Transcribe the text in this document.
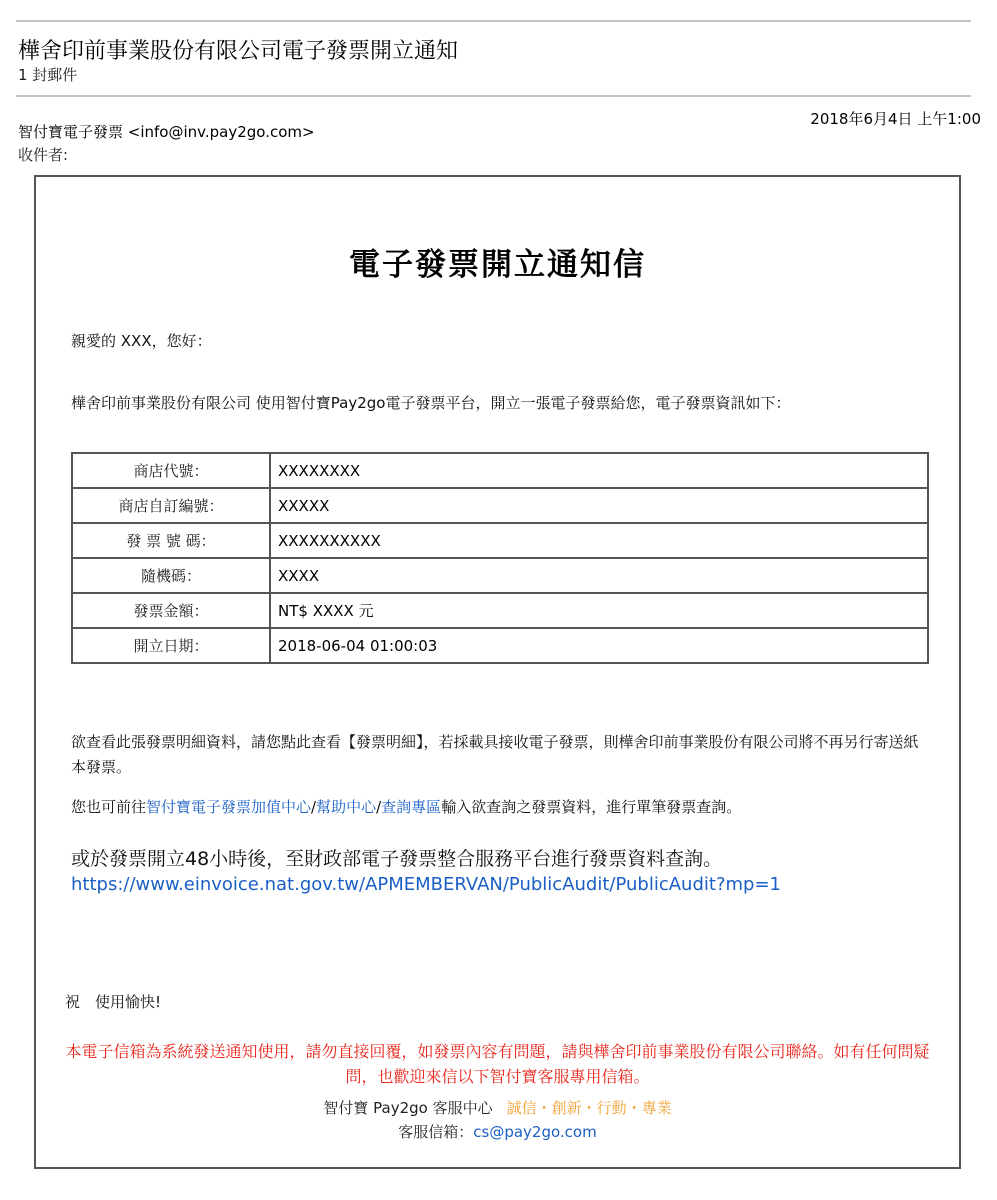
樺舍印前事業股份有限公司電子發票開立通知
1 封郵件
智付寶電子發票 <info@inv.pay2go.com>
收件者:
2018年6月4日 上午1:00
電子發票開立通知信
親愛的 XXX，您好：
樺舍印前事業股份有限公司 使用智付寶Pay2go電子發票平台，開立一張電子發票給您，電子發票資訊如下：
商店代號：	XXXXXXXX
商店自訂編號：	XXXXX
發 票 號 碼：	XXXXXXXXXX
隨機碼：	XXXX
發票金額：	NT$ XXXX 元
開立日期：	2018-06-04 01:00:03
欲查看此張發票明細資料，請您點此查看【發票明細】，若採載具接收電子發票，則樺舍印前事業股份有限公司將不再另行寄送紙本發票。
您也可前往智付寶電子發票加值中心/幫助中心/查詢專區輸入欲查詢之發票資料，進行單筆發票查詢。
或於發票開立48小時後，至財政部電子發票整合服務平台進行發票資料查詢。
https://www.einvoice.nat.gov.tw/APMEMBERVAN/PublicAudit/PublicAudit?mp=1
祝　使用愉快!
本電子信箱為系統發送通知使用，請勿直接回覆，如發票內容有問題，請與樺舍印前事業股份有限公司聯絡。如有任何問疑問，也歡迎來信以下智付寶客服專用信箱。
智付寶 Pay2go 客服中心 誠信・創新・行動・專業
客服信箱：cs@pay2go.com
